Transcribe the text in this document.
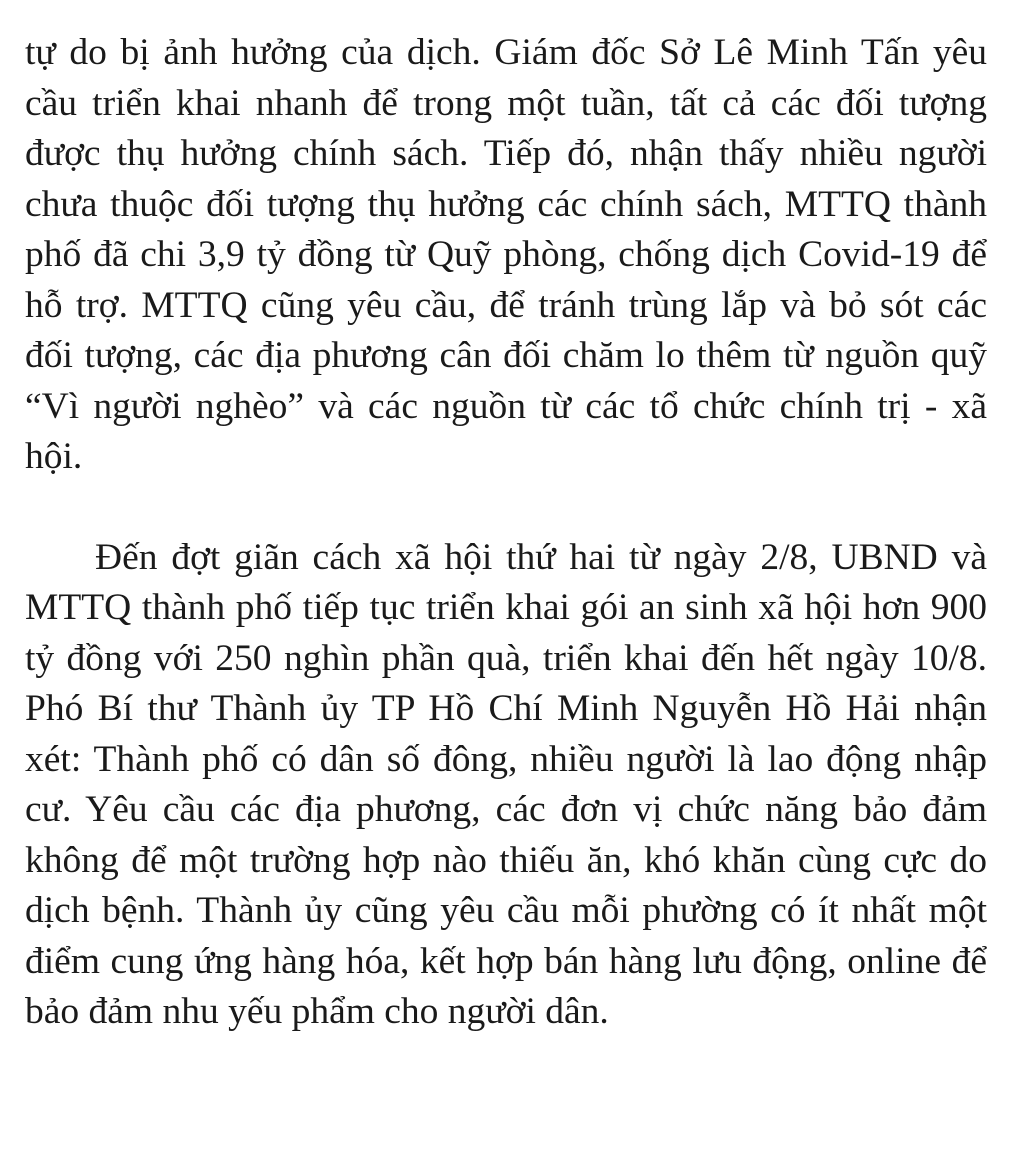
tự do bị ảnh hưởng của dịch. Giám đốc Sở Lê Minh Tấn yêu cầu triển khai nhanh để trong một tuần, tất cả các đối tượng được thụ hưởng chính sách. Tiếp đó, nhận thấy nhiều người chưa thuộc đối tượng thụ hưởng các chính sách, MTTQ thành phố đã chi 3,9 tỷ đồng từ Quỹ phòng, chống dịch Covid-19 để hỗ trợ. MTTQ cũng yêu cầu, để tránh trùng lắp và bỏ sót các đối tượng, các địa phương cân đối chăm lo thêm từ nguồn quỹ “Vì người nghèo” và các nguồn từ các tổ chức chính trị - xã hội.

Đến đợt giãn cách xã hội thứ hai từ ngày 2/8, UBND và MTTQ thành phố tiếp tục triển khai gói an sinh xã hội hơn 900 tỷ đồng với 250 nghìn phần quà, triển khai đến hết ngày 10/8. Phó Bí thư Thành ủy TP Hồ Chí Minh Nguyễn Hồ Hải nhận xét: Thành phố có dân số đông, nhiều người là lao động nhập cư. Yêu cầu các địa phương, các đơn vị chức năng bảo đảm không để một trường hợp nào thiếu ăn, khó khăn cùng cực do dịch bệnh. Thành ủy cũng yêu cầu mỗi phường có ít nhất một điểm cung ứng hàng hóa, kết hợp bán hàng lưu động, online để bảo đảm nhu yếu phẩm cho người dân.
